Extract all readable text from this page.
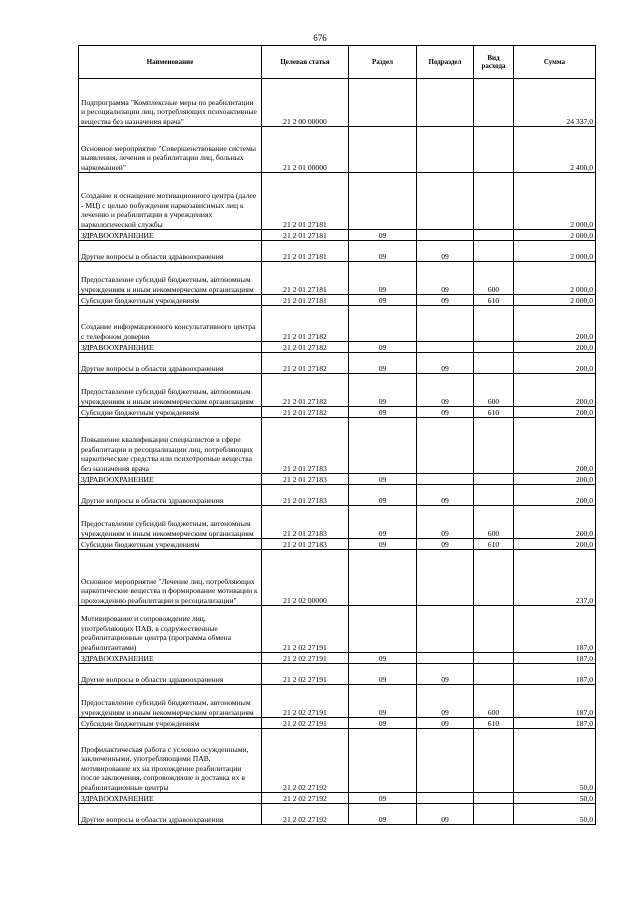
676
Наименование	Целевая статья	Раздел	Подраздел	Вид расхода	Сумма
Подпрограмма "Комплексные меры по реабилитации и ресоциализации лиц, потребляющих психоактивные вещества без назначения врача"	21 2 00 00000				24 337,0
Основное мероприятие "Совершенствование системы выявления, лечения и реабилитации лиц, больных наркоманией"	21 2 01 00000				2 400,0
Создание и оснащение мотивационного центра (далее - МЦ) с целью побуждения наркозависимых лиц к лечению и реабилитации в учреждениях наркологической службы	21 2 01 27181				2 000,0
ЗДРАВООХРАНЕНИЕ	21 2 01 27181	09			2 000,0
Другие вопросы в области здравоохранения	21 2 01 27181	09	09		2 000,0
Предоставление субсидий бюджетным, автономным учреждениям и иным некоммерческим организациям	21 2 01 27181	09	09	600	2 000,0
Субсидии бюджетным учреждениям	21 2 01 27181	09	09	610	2 000,0
Создание информационного консультативного центра с телефоном доверия	21 2 01 27182				200,0
ЗДРАВООХРАНЕНИЕ	21 2 01 27182	09			200,0
Другие вопросы в области здравоохранения	21 2 01 27182	09	09		200,0
Предоставление субсидий бюджетным, автономным учреждениям и иным некоммерческим организациям	21 2 01 27182	09	09	600	200,0
Субсидии бюджетным учреждениям	21 2 01 27182	09	09	610	200,0
Повышение квалификации специалистов в сфере реабилитации и ресоциализации лиц, потребляющих наркотические средства или психотропные вещества без назначения врача	21 2 01 27183				200,0
ЗДРАВООХРАНЕНИЕ	21 2 01 27183	09			200,0
Другие вопросы в области здравоохранения	21 2 01 27183	09	09		200,0
Предоставление субсидий бюджетным, автономным учреждениям и иным некоммерческим организациям	21 2 01 27183	09	09	600	200,0
Субсидии бюджетным учреждениям	21 2 01 27183	09	09	610	200,0
Основное мероприятие "Лечение лиц, потребляющих наркотические вещества и формирование мотивации к прохождению реабилитации и ресоциализации"	21 2 02 00000				237,0
Мотивирование и сопровождение лиц, употребляющих ПАВ, в содружественные реабилитационные центра (программа обмена реабилитантами)	21 2 02 27191				187,0
ЗДРАВООХРАНЕНИЕ	21 2 02 27191	09			187,0
Другие вопросы в области здравоохранения	21 2 02 27191	09	09		187,0
Предоставление субсидий бюджетным, автономным учреждениям и иным некоммерческим организациям	21 2 02 27191	09	09	600	187,0
Субсидии бюджетным учреждениям	21 2 02 27191	09	09	610	187,0
Профилактическая работа с условно осужденными, заключенными, употребляющими ПАВ, мотивирование их на прохождение реабилитации после заключения, сопровождение и доставка их в реабилитационные центры	21 2 02 27192				50,0
ЗДРАВООХРАНЕНИЕ	21 2 02 27192	09			50,0
Другие вопросы в области здравоохранения	21 2 02 27192	09	09		50,0
